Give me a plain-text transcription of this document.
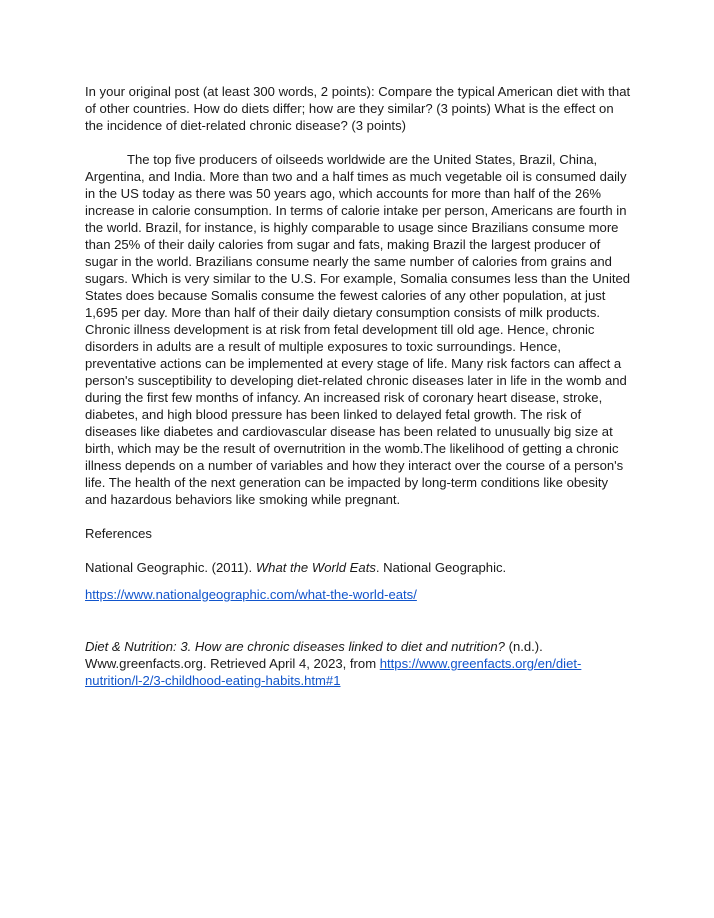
In your original post (at least 300 words, 2 points): Compare the typical American diet with that of other countries. How do diets differ; how are they similar? (3 points) What is the effect on the incidence of diet-related chronic disease? (3 points)

The top five producers of oilseeds worldwide are the United States, Brazil, China, Argentina, and India. More than two and a half times as much vegetable oil is consumed daily in the US today as there was 50 years ago, which accounts for more than half of the 26% increase in calorie consumption. In terms of calorie intake per person, Americans are fourth in the world. Brazil, for instance, is highly comparable to usage since Brazilians consume more than 25% of their daily calories from sugar and fats, making Brazil the largest producer of sugar in the world. Brazilians consume nearly the same number of calories from grains and sugars. Which is very similar to the U.S. For example, Somalia consumes less than the United States does because Somalis consume the fewest calories of any other population, at just 1,695 per day. More than half of their daily dietary consumption consists of milk products. Chronic illness development is at risk from fetal development till old age. Hence, chronic disorders in adults are a result of multiple exposures to toxic surroundings. Hence, preventative actions can be implemented at every stage of life. Many risk factors can affect a person's susceptibility to developing diet-related chronic diseases later in life in the womb and during the first few months of infancy. An increased risk of coronary heart disease, stroke, diabetes, and high blood pressure has been linked to delayed fetal growth. The risk of diseases like diabetes and cardiovascular disease has been related to unusually big size at birth, which may be the result of overnutrition in the womb.The likelihood of getting a chronic illness depends on a number of variables and how they interact over the course of a person's life. The health of the next generation can be impacted by long-term conditions like obesity and hazardous behaviors like smoking while pregnant.

References

National Geographic. (2011). What the World Eats. National Geographic.

https://www.nationalgeographic.com/what-the-world-eats/

Diet & Nutrition: 3. How are chronic diseases linked to diet and nutrition? (n.d.). Www.greenfacts.org. Retrieved April 4, 2023, from https://www.greenfacts.org/en/diet-nutrition/l-2/3-childhood-eating-habits.htm#1
